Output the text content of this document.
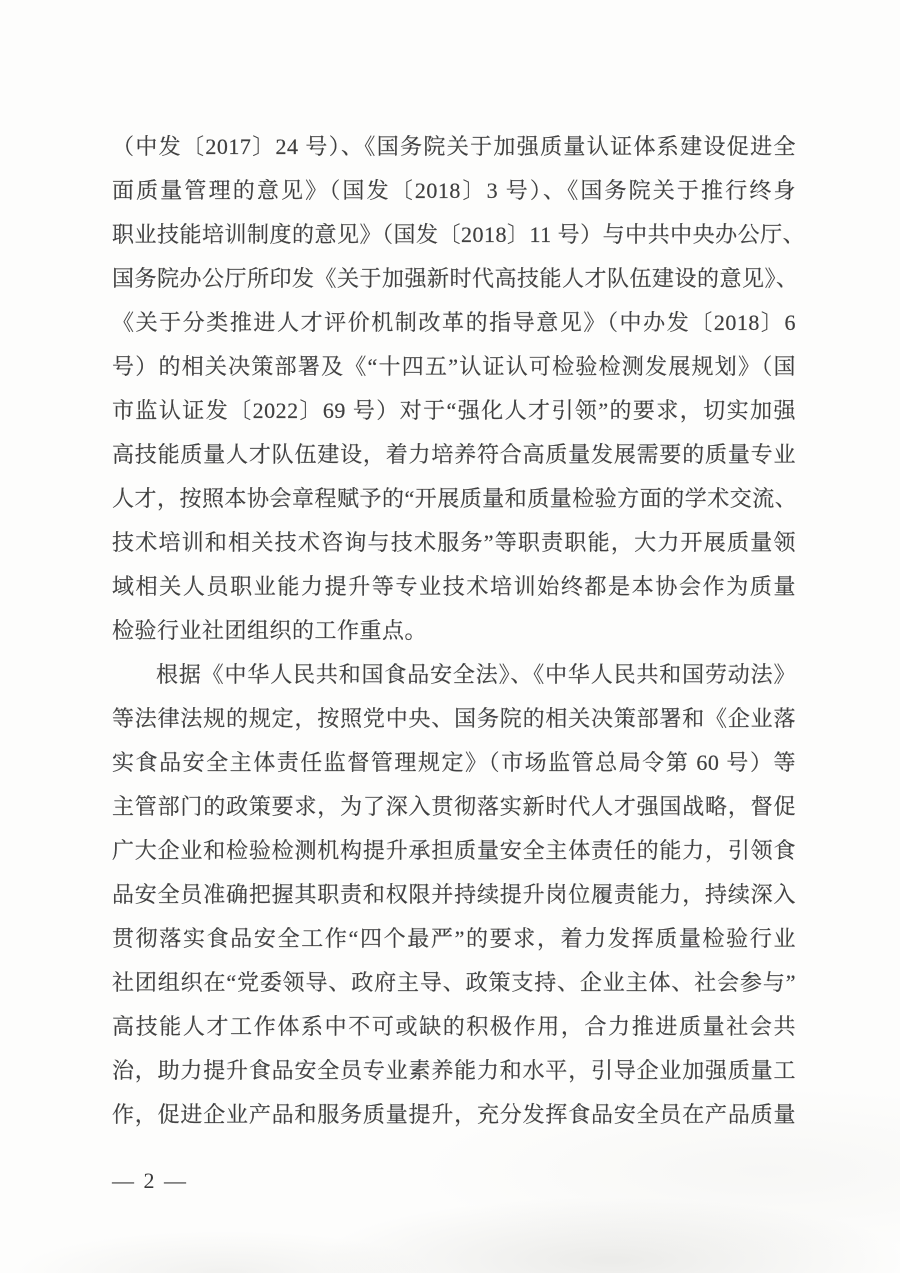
（中发〔2017〕24 号）、《国务院关于加强质量认证体系建设促进全
面质量管理的意见》（国发〔2018〕3 号）、《国务院关于推行终身
职业技能培训制度的意见》（国发〔2018〕11 号）与中共中央办公厅、
国务院办公厅所印发《关于加强新时代高技能人才队伍建设的意见》、
《关于分类推进人才评价机制改革的指导意见》（中办发〔2018〕6
号）的相关决策部署及《“十四五”认证认可检验检测发展规划》（国
市监认证发〔2022〕69 号）对于“强化人才引领”的要求，切实加强
高技能质量人才队伍建设，着力培养符合高质量发展需要的质量专业
人才，按照本协会章程赋予的“开展质量和质量检验方面的学术交流、
技术培训和相关技术咨询与技术服务”等职责职能，大力开展质量领
域相关人员职业能力提升等专业技术培训始终都是本协会作为质量
检验行业社团组织的工作重点。
根据《中华人民共和国食品安全法》、《中华人民共和国劳动法》
等法律法规的规定，按照党中央、国务院的相关决策部署和《企业落
实食品安全主体责任监督管理规定》（市场监管总局令第 60 号）等
主管部门的政策要求，为了深入贯彻落实新时代人才强国战略，督促
广大企业和检验检测机构提升承担质量安全主体责任的能力，引领食
品安全员准确把握其职责和权限并持续提升岗位履责能力，持续深入
贯彻落实食品安全工作“四个最严”的要求，着力发挥质量检验行业
社团组织在“党委领导、政府主导、政策支持、企业主体、社会参与”
高技能人才工作体系中不可或缺的积极作用，合力推进质量社会共
治，助力提升食品安全员专业素养能力和水平，引导企业加强质量工
作，促进企业产品和服务质量提升，充分发挥食品安全员在产品质量
— 2 —
